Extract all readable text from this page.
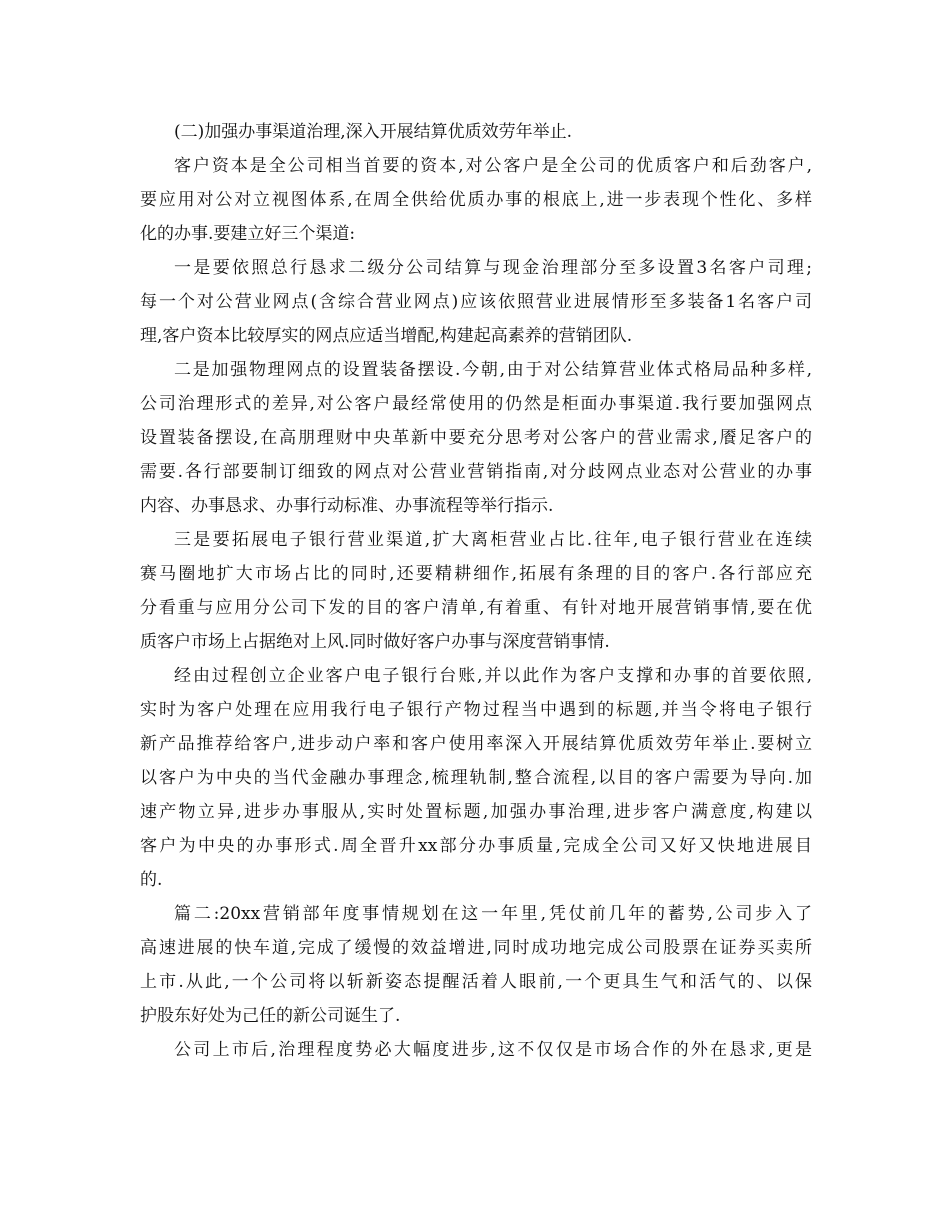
(二)加强办事渠道治理,深入开展结算优质效劳年举止.
客户资本是全公司相当首要的资本,对公客户是全公司的优质客户和后劲客户,
要应用对公对立视图体系,在周全供给优质办事的根底上,进一步表现个性化、多样
化的办事.要建立好三个渠道:
一是要依照总行恳求二级分公司结算与现金治理部分至多设置3名客户司理;
每一个对公营业网点(含综合营业网点)应该依照营业进展情形至多装备1名客户司
理,客户资本比较厚实的网点应适当增配,构建起高素养的营销团队.
二是加强物理网点的设置装备摆设.今朝,由于对公结算营业体式格局品种多样,
公司治理形式的差异,对公客户最经常使用的仍然是柜面办事渠道.我行要加强网点
设置装备摆设,在高朋理财中央革新中要充分思考对公客户的营业需求,餍足客户的
需要.各行部要制订细致的网点对公营业营销指南,对分歧网点业态对公营业的办事
内容、办事恳求、办事行动标准、办事流程等举行指示.
三是要拓展电子银行营业渠道,扩大离柜营业占比.往年,电子银行营业在连续
赛马圈地扩大市场占比的同时,还要精耕细作,拓展有条理的目的客户.各行部应充
分看重与应用分公司下发的目的客户清单,有着重、有针对地开展营销事情,要在优
质客户市场上占据绝对上风.同时做好客户办事与深度营销事情.
经由过程创立企业客户电子银行台账,并以此作为客户支撑和办事的首要依照,
实时为客户处理在应用我行电子银行产物过程当中遇到的标题,并当令将电子银行
新产品推荐给客户,进步动户率和客户使用率深入开展结算优质效劳年举止.要树立
以客户为中央的当代金融办事理念,梳理轨制,整合流程,以目的客户需要为导向.加
速产物立异,进步办事服从,实时处置标题,加强办事治理,进步客户满意度,构建以
客户为中央的办事形式.周全晋升xx部分办事质量,完成全公司又好又快地进展目
的.
篇二:20xx营销部年度事情规划在这一年里,凭仗前几年的蓄势,公司步入了
高速进展的快车道,完成了缓慢的效益增进,同时成功地完成公司股票在证券买卖所
上市.从此,一个公司将以斩新姿态提醒活着人眼前,一个更具生气和活气的、以保
护股东好处为己任的新公司诞生了.
公司上市后,治理程度势必大幅度进步,这不仅仅是市场合作的外在恳求,更是
